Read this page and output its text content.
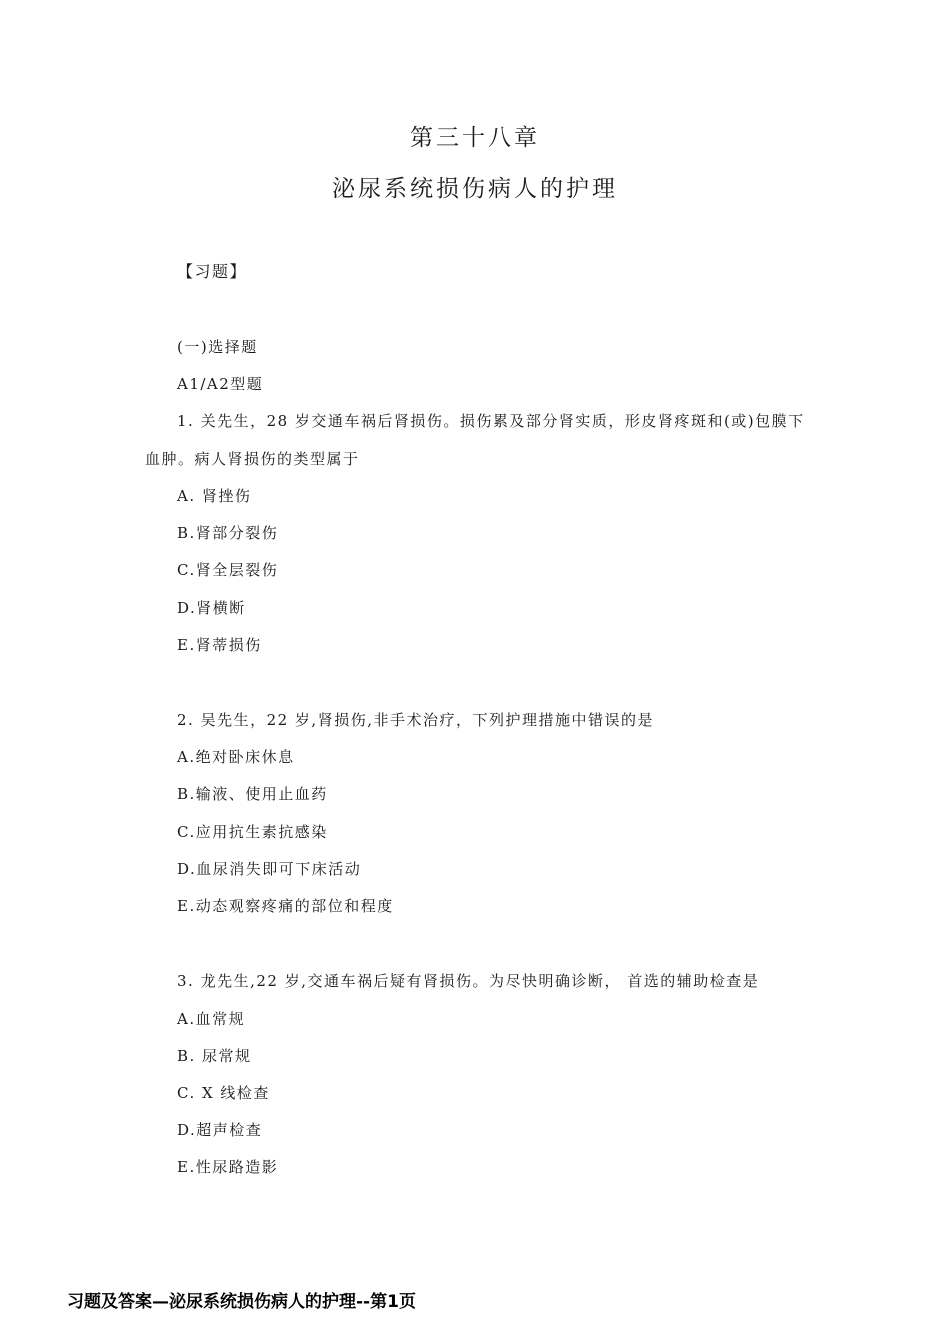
第三十八章
泌尿系统损伤病人的护理
【习题】
(一)选择题
A1/A2型题
1. 关先生，28 岁交通车祸后肾损伤。损伤累及部分肾实质，形皮肾疼斑和(或)包膜下
血肿。病人肾损伤的类型属于
A. 肾挫伤
B.肾部分裂伤
C.肾全层裂伤
D.肾横断
E.肾蒂损伤
2. 吴先生，22 岁,肾损伤,非手术治疗，下列护理措施中错误的是
A.绝对卧床休息
B.输液、使用止血药
C.应用抗生素抗感染
D.血尿消失即可下床活动
E.动态观察疼痛的部位和程度
3. 龙先生,22 岁,交通车祸后疑有肾损伤。为尽快明确诊断， 首选的辅助检查是
A.血常规
B. 尿常规
C. X 线检查
D.超声检查
E.性尿路造影
习题及答案—泌尿系统损伤病人的护理--第1页
